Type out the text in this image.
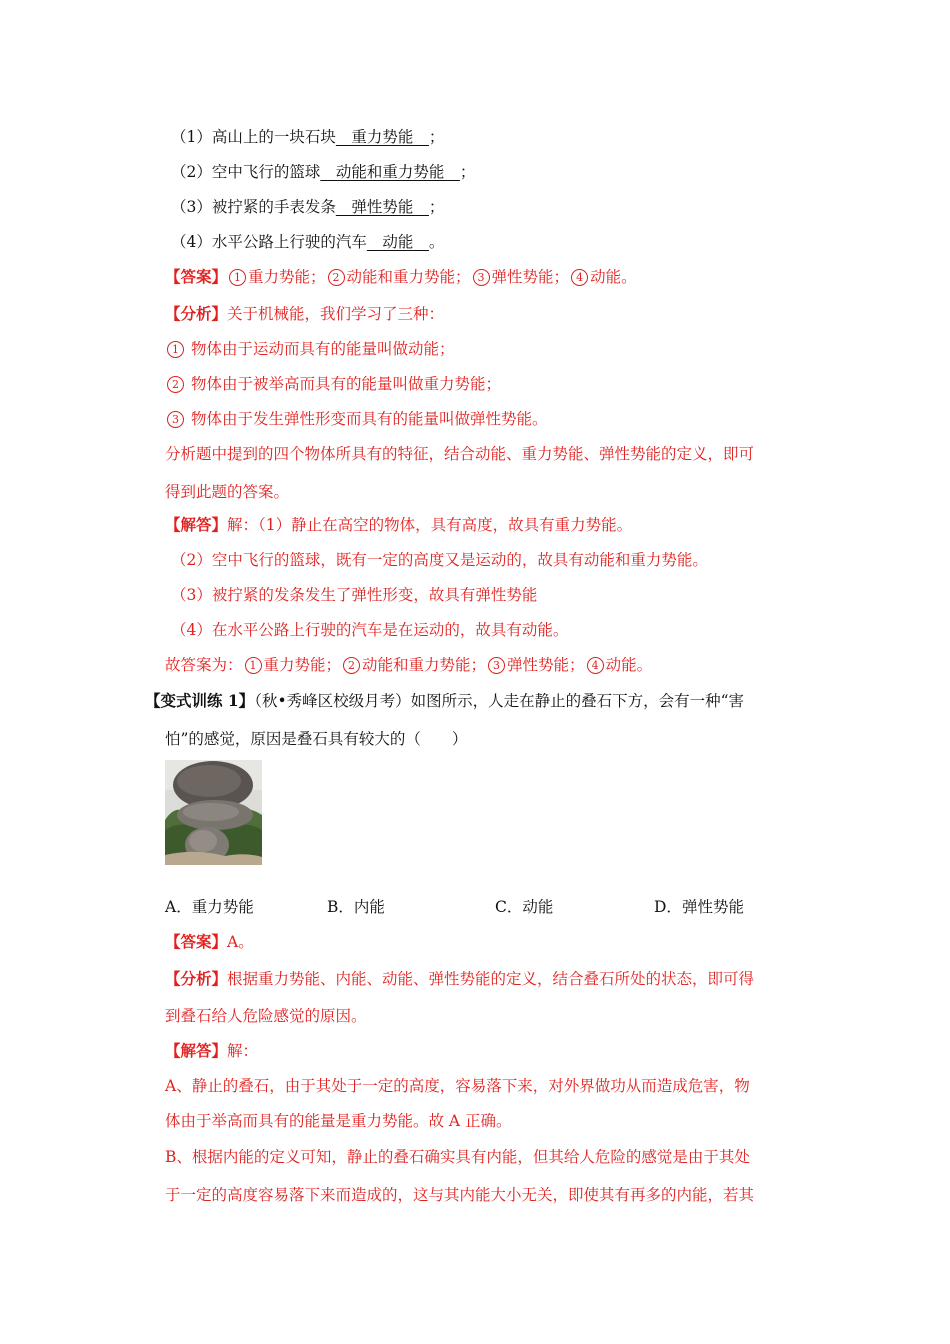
（1）高山上的一块石块__重力势能__；
（2）空中飞行的篮球__动能和重力势能__；
（3）被拧紧的手表发条__弹性势能__；
（4）水平公路上行驶的汽车__动能__。
【答案】 1 重力势能； 2 动能和重力势能； 3 弹性势能； 4 动能。
【分析】关于机械能，我们学习了三种：
1 物体由于运动而具有的能量叫做动能；
2 物体由于被举高而具有的能量叫做重力势能；
3 物体由于发生弹性形变而具有的能量叫做弹性势能。
分析题中提到的四个物体所具有的特征，结合动能、重力势能、弹性势能的定义，即可
得到此题的答案。
【解答】解：（1）静止在高空的物体，具有高度，故具有重力势能。
（2）空中飞行的篮球，既有一定的高度又是运动的，故具有动能和重力势能。
（3）被拧紧的发条发生了弹性形变，故具有弹性势能
（4）在水平公路上行驶的汽车是在运动的，故具有动能。
故答案为： 1 重力势能； 2 动能和重力势能； 3 弹性势能； 4 动能。
【变式训练 1】（秋•秀峰区校级月考）如图所示，人走在静止的叠石下方，会有一种“害
怕”的感觉，原因是叠石具有较大的（　　）
A．重力势能	B．内能	C．动能	D．弹性势能
【答案】A。
【分析】根据重力势能、内能、动能、弹性势能的定义，结合叠石所处的状态，即可得
到叠石给人危险感觉的原因。
【解答】解：
A、静止的叠石，由于其处于一定的高度，容易落下来，对外界做功从而造成危害，物
体由于举高而具有的能量是重力势能。故 A 正确。
B、根据内能的定义可知，静止的叠石确实具有内能，但其给人危险的感觉是由于其处
于一定的高度容易落下来而造成的，这与其内能大小无关，即使其有再多的内能，若其
